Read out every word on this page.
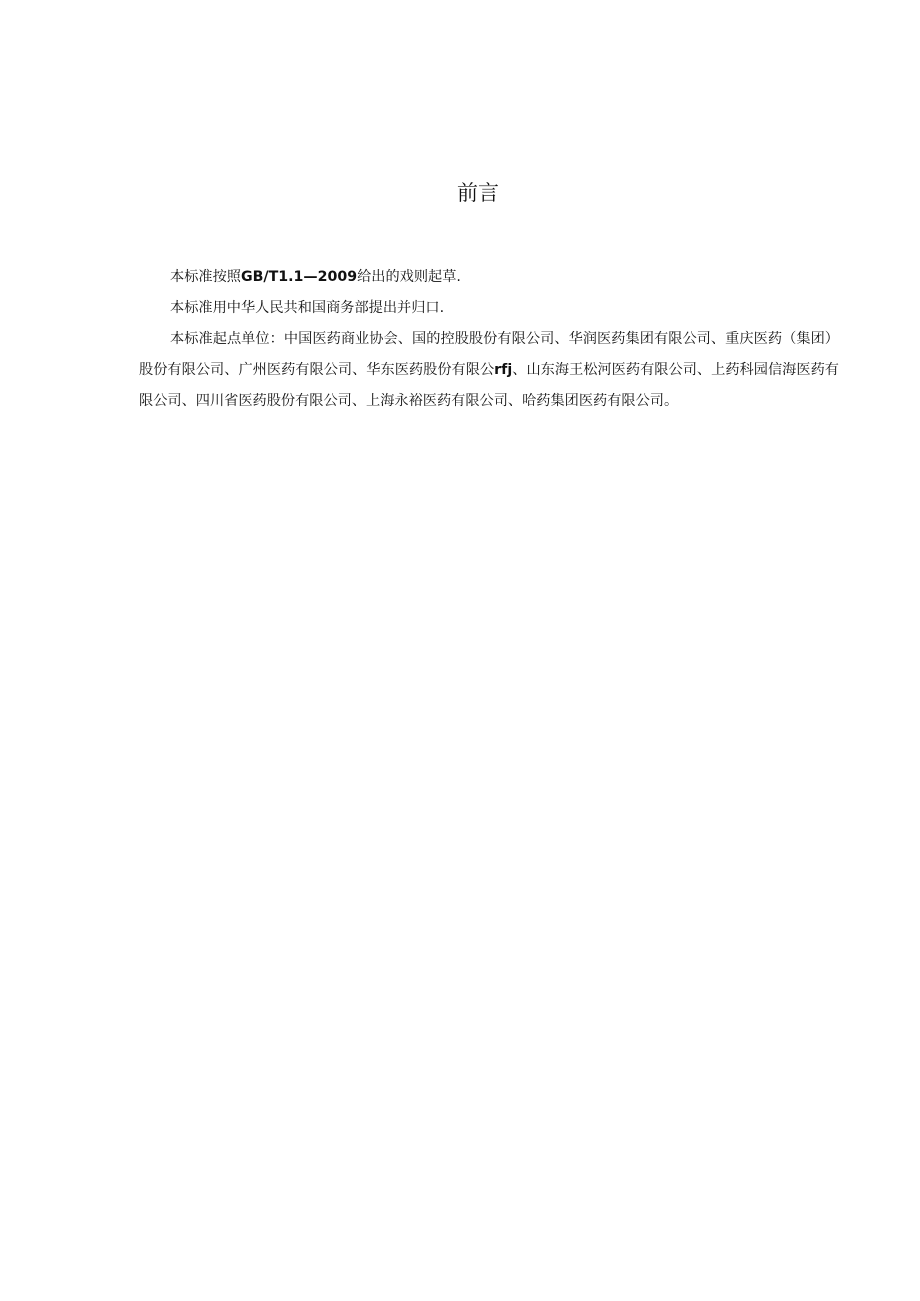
前言

本标准按照GB/T1.1—2009给出的戏则起草.

本标准用中华人民共和国商务部提出并归口.

本标准起点单位：中国医药商业协会、国的控股股份有限公司、华润医药集团有限公司、重庆医药（集团）股份有限公司、广州医药有限公司、华东医药股份有限公rfj、山东海王松河医药有限公司、上药科园信海医药有限公司、四川省医药股份有限公司、上海永裕医药有限公司、哈药集团医药有限公司。
